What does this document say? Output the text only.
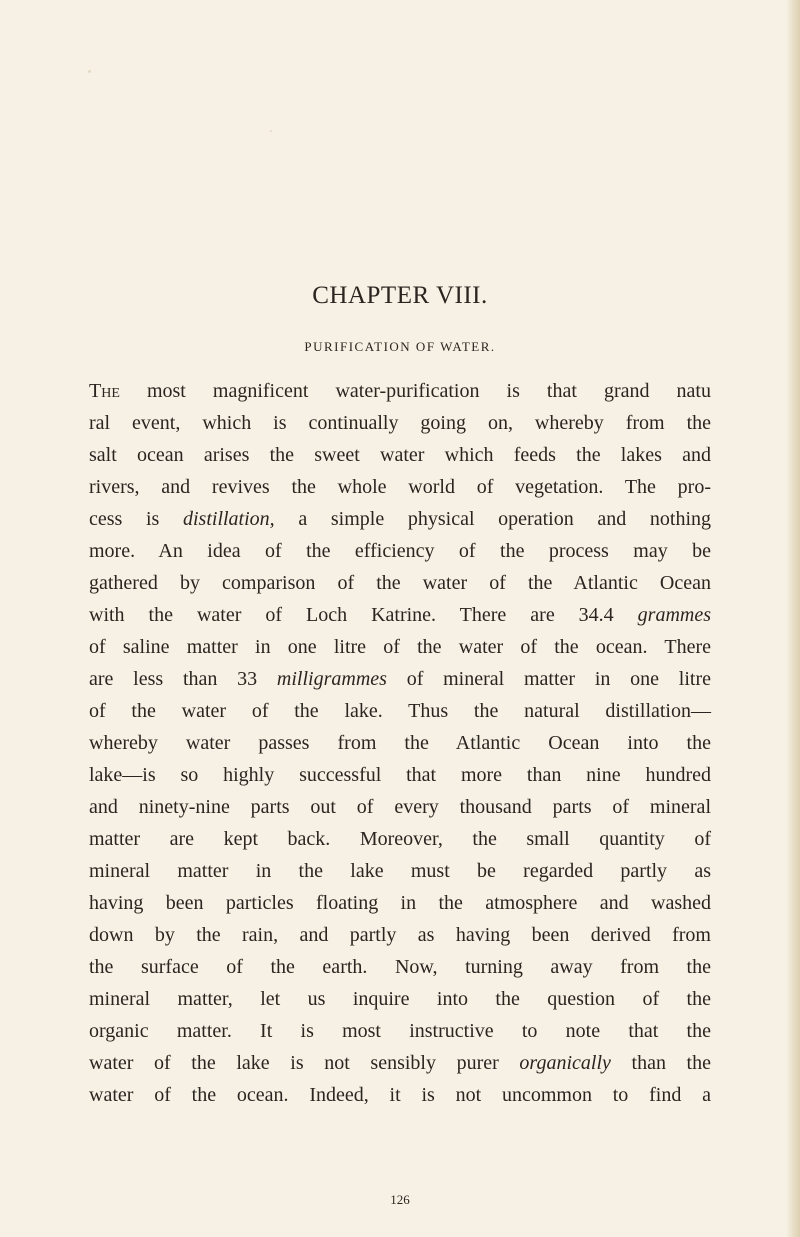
CHAPTER VIII.
PURIFICATION OF WATER.
The most magnificent water-purification is that grand natu
ral event, which is continually going on, whereby from the
salt ocean arises the sweet water which feeds the lakes and
rivers, and revives the whole world of vegetation. The pro-
cess is distillation, a simple physical operation and nothing
more. An idea of the efficiency of the process may be
gathered by comparison of the water of the Atlantic Ocean
with the water of Loch Katrine. There are 34.4 grammes
of saline matter in one litre of the water of the ocean. There
are less than 33 milligrammes of mineral matter in one litre
of the water of the lake. Thus the natural distillation—
whereby water passes from the Atlantic Ocean into the
lake—is so highly successful that more than nine hundred
and ninety-nine parts out of every thousand parts of mineral
matter are kept back. Moreover, the small quantity of
mineral matter in the lake must be regarded partly as
having been particles floating in the atmosphere and washed
down by the rain, and partly as having been derived from
the surface of the earth. Now, turning away from the
mineral matter, let us inquire into the question of the
organic matter. It is most instructive to note that the
water of the lake is not sensibly purer organically than the
water of the ocean. Indeed, it is not uncommon to find a
126
